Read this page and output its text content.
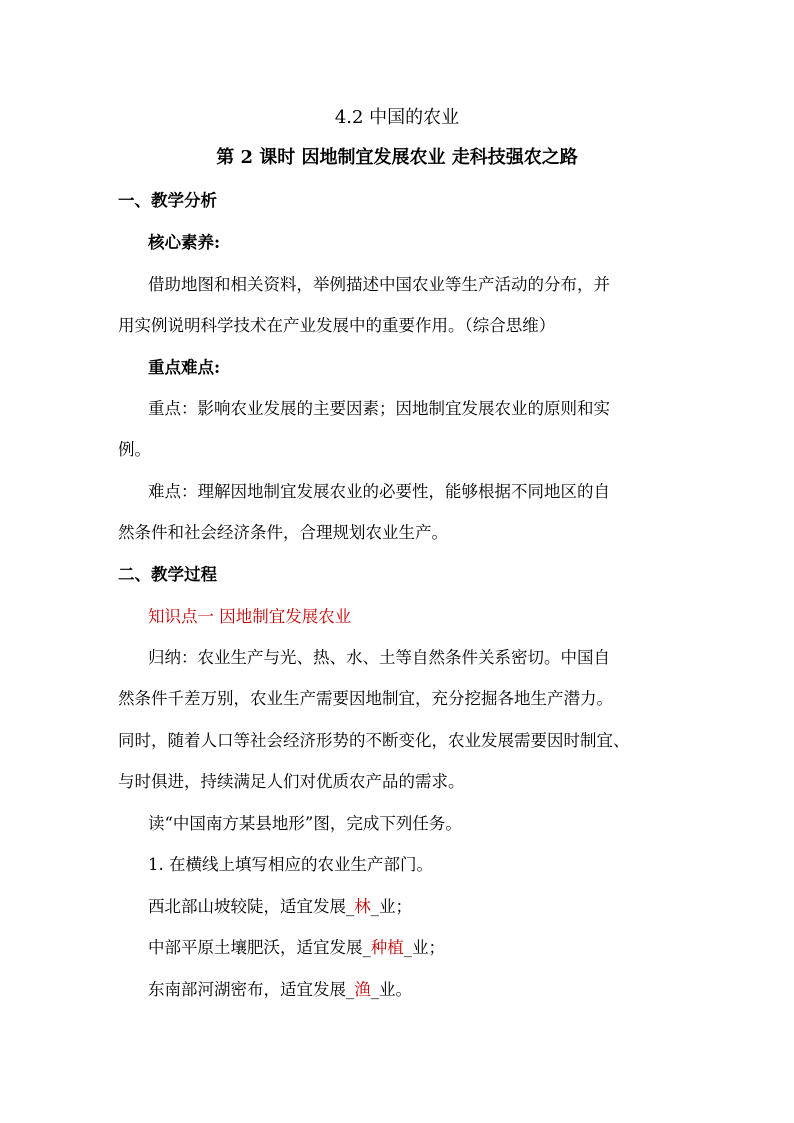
4.2 中国的农业
第 2 课时 因地制宜发展农业 走科技强农之路
一、教学分析
核心素养:
借助地图和相关资料，举例描述中国农业等生产活动的分布，并
用实例说明科学技术在产业发展中的重要作用。（综合思维）
重点难点:
重点：影响农业发展的主要因素；因地制宜发展农业的原则和实
例。
难点：理解因地制宜发展农业的必要性，能够根据不同地区的自
然条件和社会经济条件，合理规划农业生产。
二、教学过程
知识点一 因地制宜发展农业
归纳：农业生产与光、热、水、土等自然条件关系密切。中国自
然条件千差万别，农业生产需要因地制宜，充分挖掘各地生产潜力。
同时，随着人口等社会经济形势的不断变化，农业发展需要因时制宜、
与时俱进，持续满足人们对优质农产品的需求。
读“中国南方某县地形”图，完成下列任务。
1. 在横线上填写相应的农业生产部门。
西北部山坡较陡，适宜发展_林_业；
中部平原土壤肥沃，适宜发展_种植_业；
东南部河湖密布，适宜发展_渔_业。
